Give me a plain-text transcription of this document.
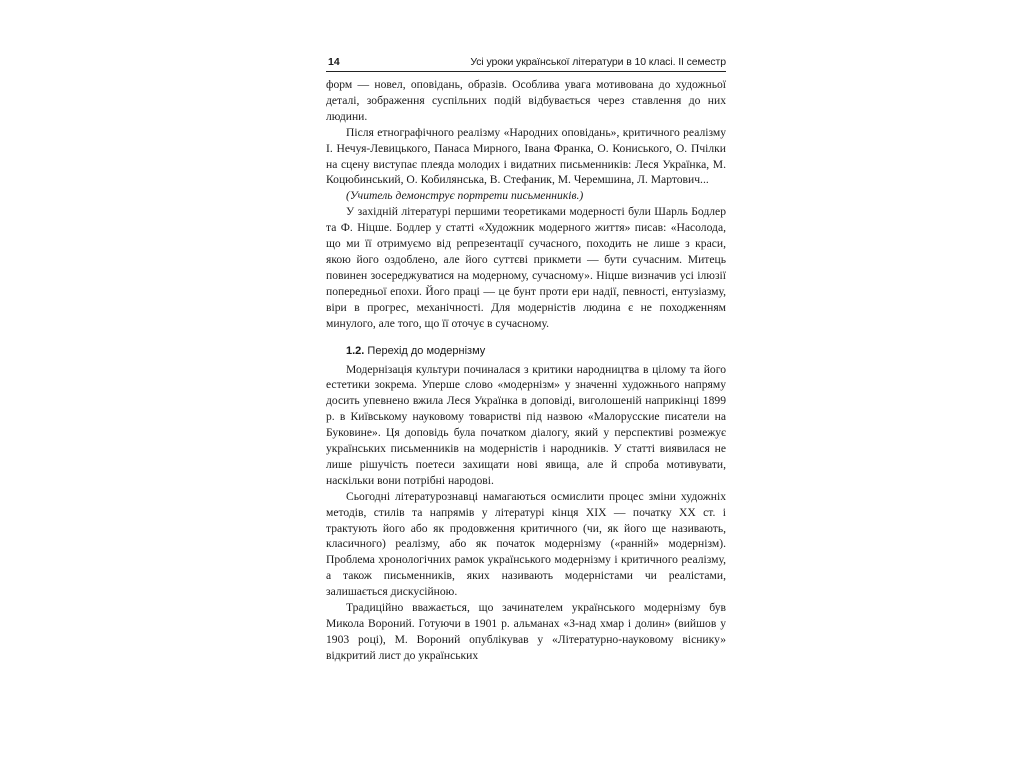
14	Усі уроки української літератури в 10 класі. ІІ семестр

форм — новел, оповідань, образів. Особлива увага мотивована до художньої деталі, зображення суспільних подій відбувається через ставлення до них людини.

Після етнографічного реалізму «Народних оповідань», критичного реалізму І. Нечуя-Левицького, Панаса Мирного, Івана Франка, О. Кониського, О. Пчілки на сцену виступає плеяда молодих і видатних письменників: Леся Українка, М. Коцюбинський, О. Кобилянська, В. Стефаник, М. Черемшина, Л. Мартович...

(Учитель демонструє портрети письменників.)

У західній літературі першими теоретиками модерності були Шарль Бодлер та Ф. Ніцше. Бодлер у статті «Художник модерного життя» писав: «Насолода, що ми її отримуємо від репрезентації сучасного, походить не лише з краси, якою його оздоблено, але його суттєві прикмети — бути сучасним. Митець повинен зосереджуватися на модерному, сучасному». Ніцше визначив усі ілюзії попередньої епохи. Його праці — це бунт проти ери надії, певності, ентузіазму, віри в прогрес, механічності. Для модерністів людина є не походженням минулого, але того, що її оточує в сучасному.

1.2. Перехід до модернізму

Модернізація культури починалася з критики народництва в цілому та його естетики зокрема. Уперше слово «модернізм» у значенні художнього напряму досить упевнено вжила Леся Українка в доповіді, виголошеній наприкінці 1899 р. в Київському науковому товаристві під назвою «Малорусские писатели на Буковине». Ця доповідь була початком діалогу, який у перспективі розмежує українських письменників на модерністів і народників. У статті виявилася не лише рішучість поетеси захищати нові явища, але й спроба мотивувати, наскільки вони потрібні народові.

Сьогодні літературознавці намагаються осмислити процес зміни художніх методів, стилів та напрямів у літературі кінця XIX — початку XX ст. і трактують його або як продовження критичного (чи, як його ще називають, класичного) реалізму, або як початок модернізму («ранній» модернізм). Проблема хронологічних рамок українського модернізму і критичного реалізму, а також письменників, яких називають модерністами чи реалістами, залишається дискусійною.

Традиційно вважається, що зачинателем українського модернізму був Микола Вороний. Готуючи в 1901 р. альманах «З-над хмар і долин» (вийшов у 1903 році), М. Вороний опублікував у «Літературно-науковому віснику» відкритий лист до українських
